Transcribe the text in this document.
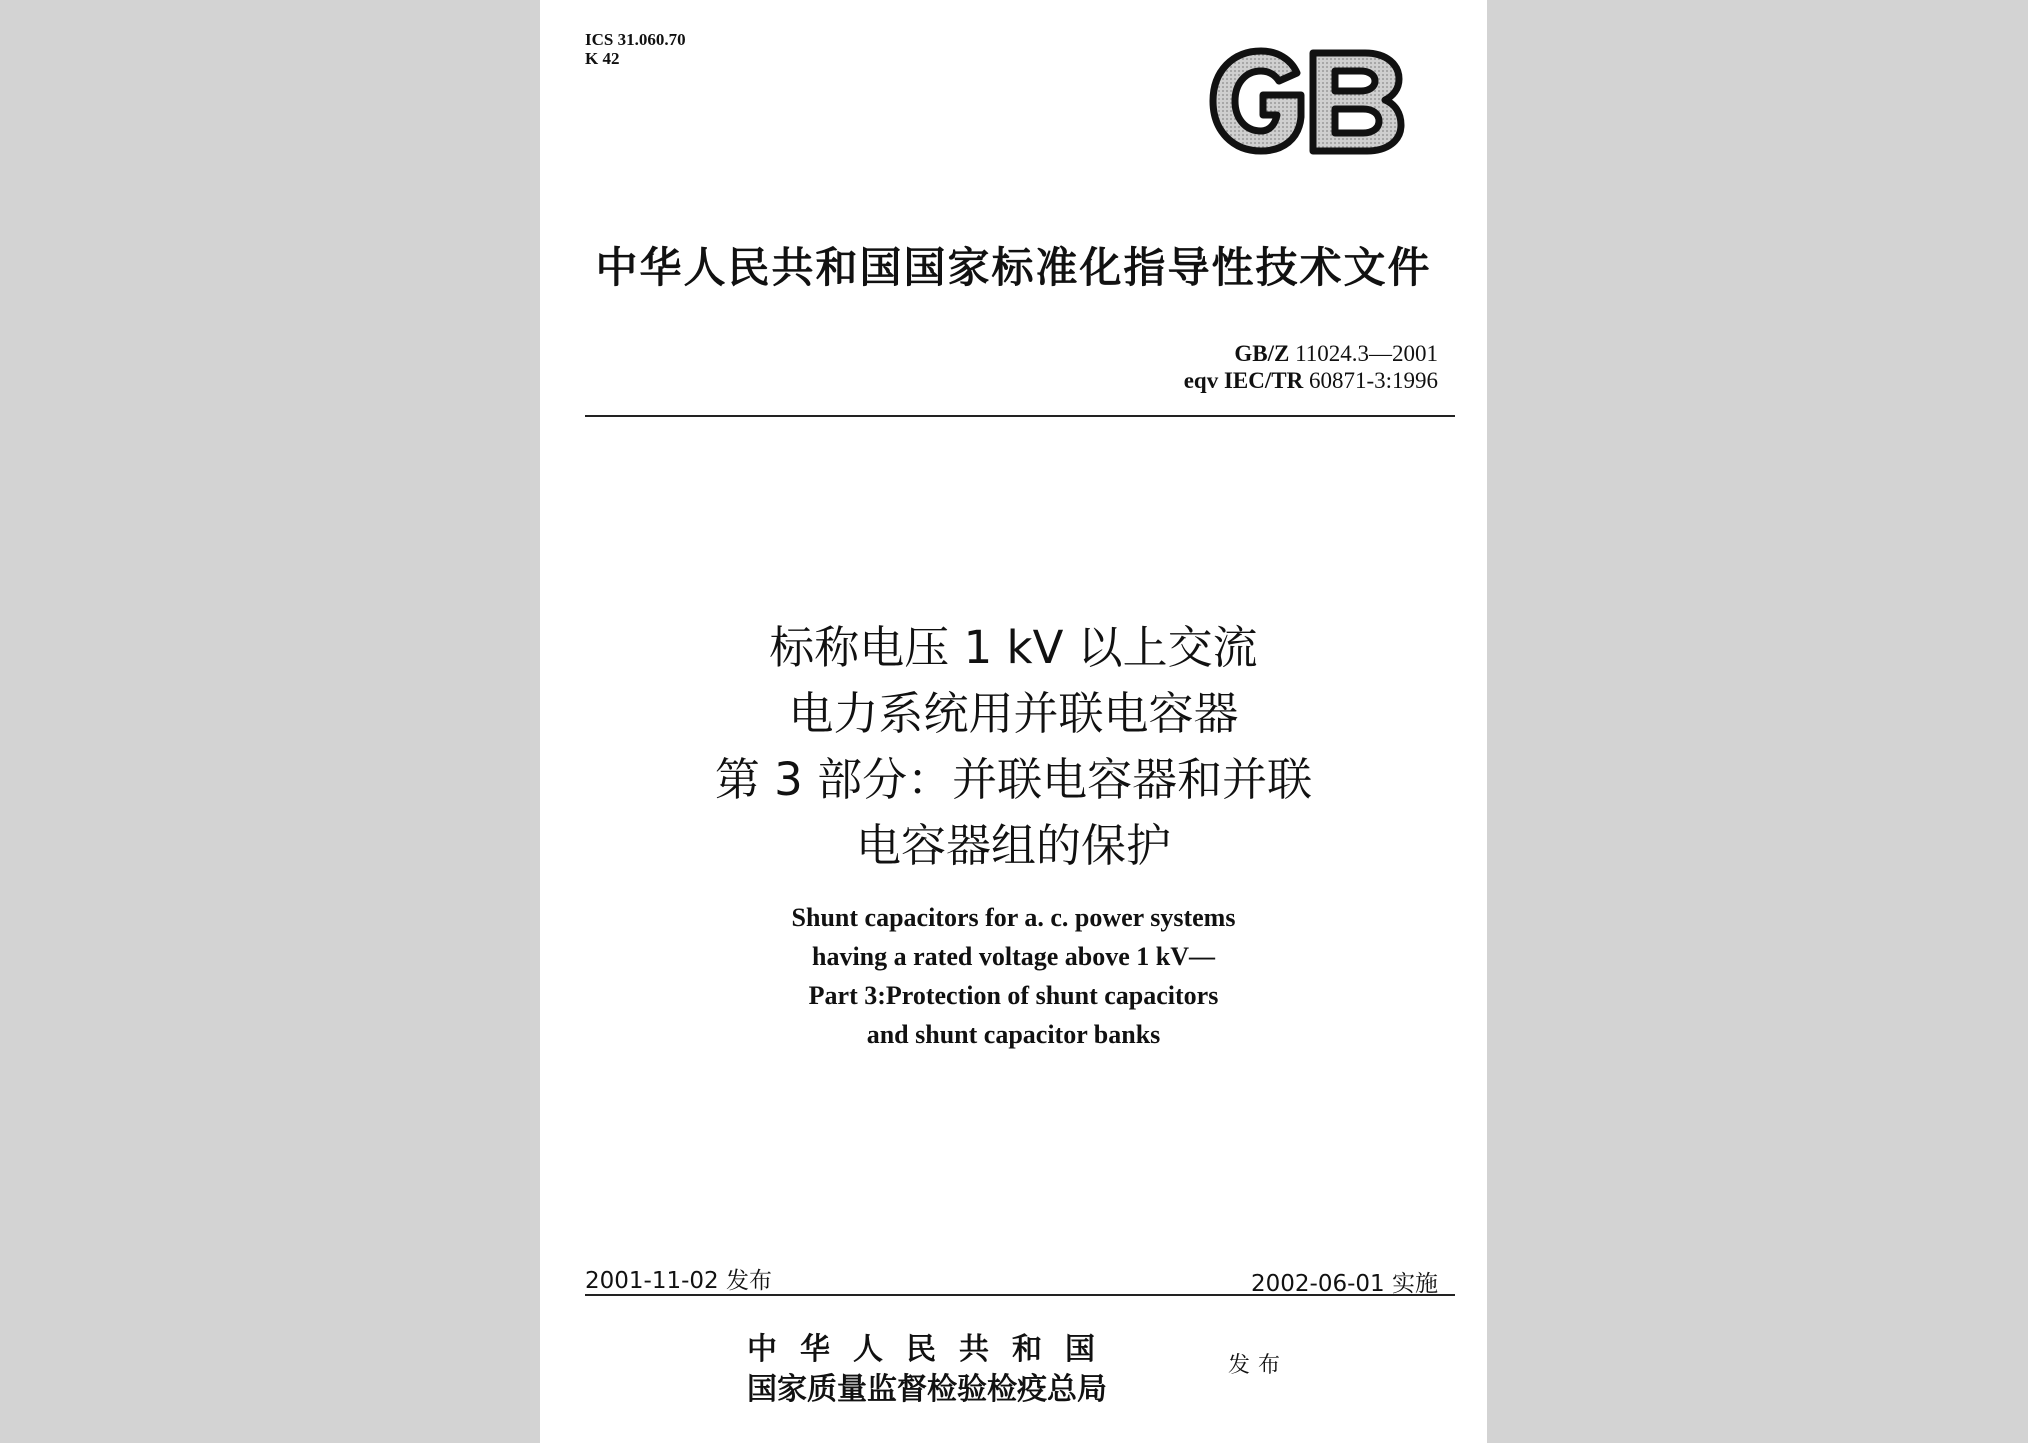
ICS 31.060.70
K 42
中华人民共和国国家标准化指导性技术文件
GB/Z 11024.3—2001
eqv IEC/TR 60871-3:1996
标称电压 1 kV 以上交流
电力系统用并联电容器
第 3 部分：并联电容器和并联
电容器组的保护
Shunt capacitors for a. c. power systems
having a rated voltage above 1 kV—
Part 3:Protection of shunt capacitors
and shunt capacitor banks
2001-11-02 发布	2002-06-01 实施
中华人民共和国
国家质量监督检验检疫总局
发布
